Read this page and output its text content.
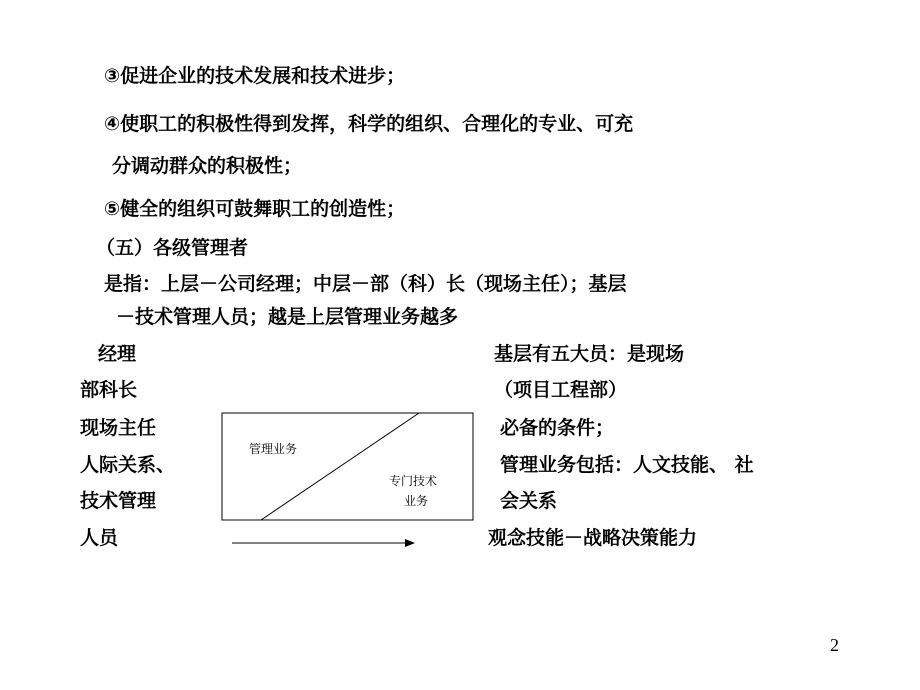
③促进企业的技术发展和技术进步；
④使职工的积极性得到发挥，科学的组织、合理化的专业、可充
分调动群众的积极性；
⑤健全的组织可鼓舞职工的创造性；
（五）各级管理者
是指：上层－公司经理；中层－部（科）长（现场主任）；基层
－技术管理人员；越是上层管理业务越多
经理
部科长
现场主任
人际关系、
技术管理
人员
基层有五大员：是现场
（项目工程部）
必备的条件；
管理业务包括：人文技能、 社
会关系
观念技能－战略决策能力
管理业务
专门技术
业务
2
